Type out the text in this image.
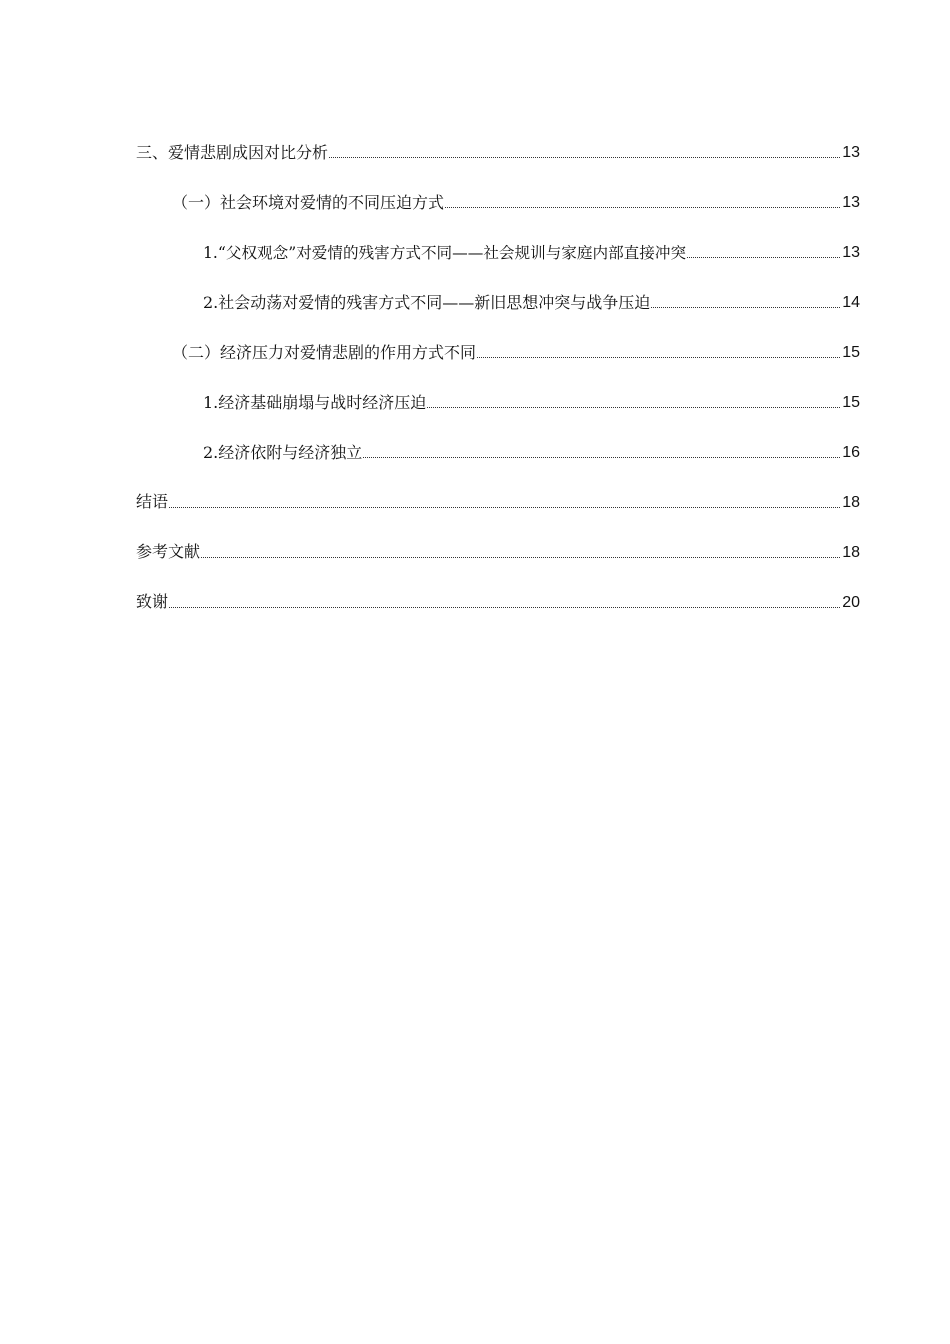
三、爱情悲剧成因对比分析	13
（一）社会环境对爱情的不同压迫方式	13
1.“父权观念”对爱情的残害方式不同——社会规训与家庭内部直接冲突	13
2.社会动荡对爱情的残害方式不同——新旧思想冲突与战争压迫	14
（二）经济压力对爱情悲剧的作用方式不同	15
1.经济基础崩塌与战时经济压迫	15
2.经济依附与经济独立	16
结语	18
参考文献	18
致谢	20
